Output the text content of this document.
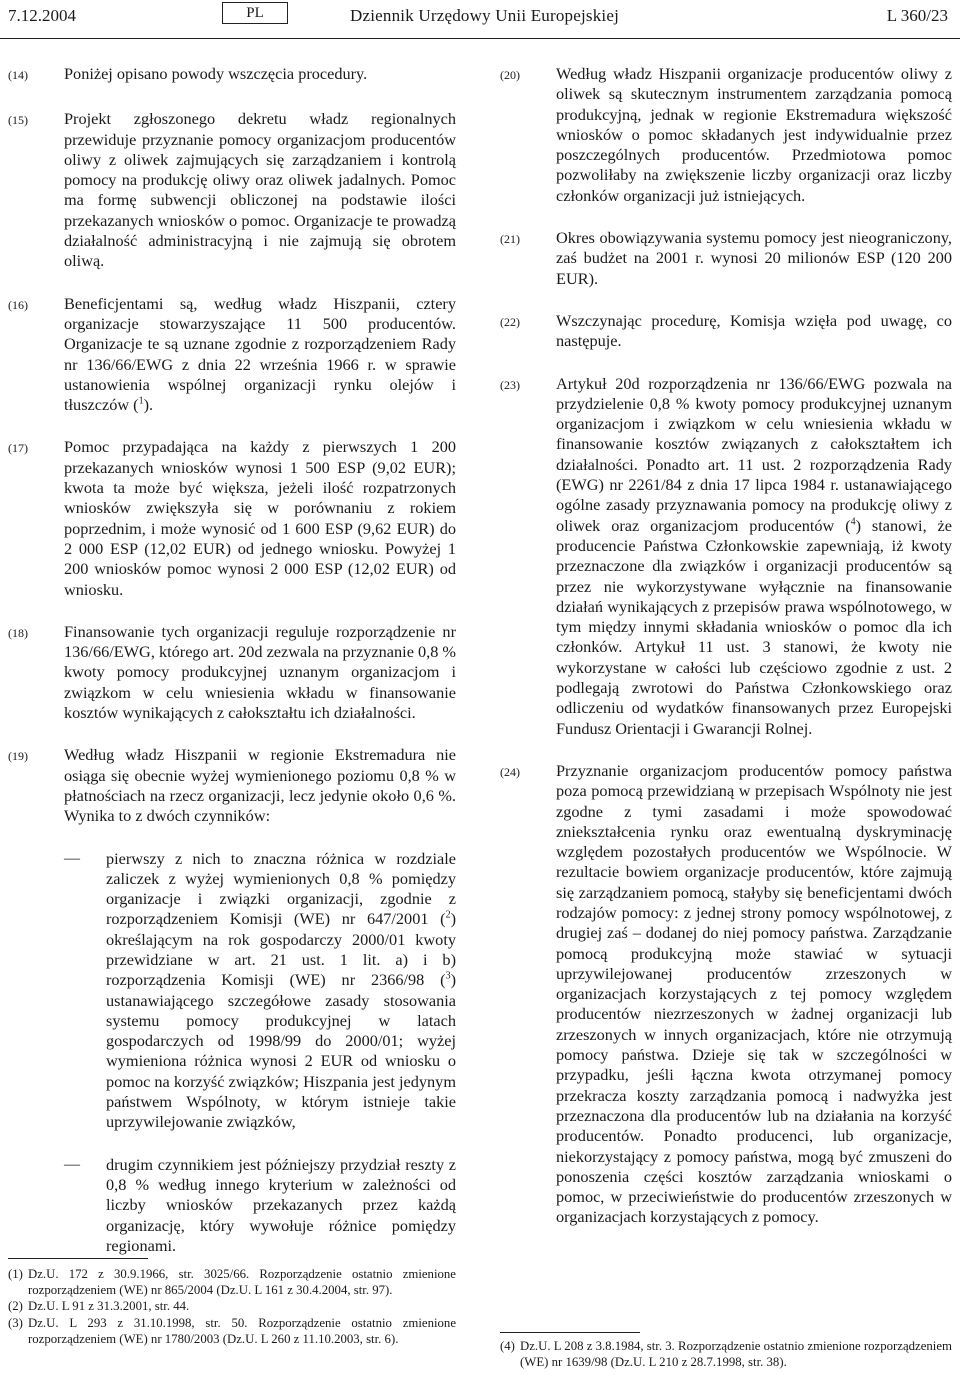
7.12.2004	PL	Dziennik Urzędowy Unii Europejskiej	L 360/23
(14)	Poniżej opisano powody wszczęcia procedury.
(15)	Projekt zgłoszonego dekretu władz regionalnych przewiduje przyznanie pomocy organizacjom producentów oliwy z oliwek zajmujących się zarządzaniem i kontrolą pomocy na produkcję oliwy oraz oliwek jadalnych. Pomoc ma formę subwencji obliczonej na podstawie ilości przekazanych wniosków o pomoc. Organizacje te prowadzą działalność administracyjną i nie zajmują się obrotem oliwą.
(16)	Beneficjentami są, według władz Hiszpanii, cztery organizacje stowarzyszające 11 500 producentów. Organizacje te są uznane zgodnie z rozporządzeniem Rady nr 136/66/EWG z dnia 22 września 1966 r. w sprawie ustanowienia wspólnej organizacji rynku olejów i tłuszczów ($^1$).
(17)	Pomoc przypadająca na każdy z pierwszych 1 200 przekazanych wniosków wynosi 1 500 ESP (9,02 EUR); kwota ta może być większa, jeżeli ilość rozpatrzonych wniosków zwiększyła się w porównaniu z rokiem poprzednim, i może wynosić od 1 600 ESP (9,62 EUR) do 2 000 ESP (12,02 EUR) od jednego wniosku. Powyżej 1 200 wniosków pomoc wynosi 2 000 ESP (12,02 EUR) od wniosku.
(18)	Finansowanie tych organizacji reguluje rozporządzenie nr 136/66/EWG, którego art. 20d zezwala na przyznanie 0,8 % kwoty pomocy produkcyjnej uznanym organizacjom i związkom w celu wniesienia wkładu w finansowanie kosztów wynikających z całokształtu ich działalności.
(19)	Według władz Hiszpanii w regionie Ekstremadura nie osiąga się obecnie wyżej wymienionego poziomu 0,8 % w płatnościach na rzecz organizacji, lecz jedynie około 0,6 %. Wynika to z dwóch czynników:
—	pierwszy z nich to znaczna różnica w rozdziale zaliczek z wyżej wymienionych 0,8 % pomiędzy organizacje i związki organizacji, zgodnie z rozporządzeniem Komisji (WE) nr 647/2001 ($^2$) określającym na rok gospodarczy 2000/01 kwoty przewidziane w art. 21 ust. 1 lit. a) i b) rozporządzenia Komisji (WE) nr 2366/98 ($^3$) ustanawiającego szczegółowe zasady stosowania systemu pomocy produkcyjnej w latach gospodarczych od 1998/99 do 2000/01; wyżej wymieniona różnica wynosi 2 EUR od wniosku o pomoc na korzyść związków; Hiszpania jest jedynym państwem Wspólnoty, w którym istnieje takie uprzywilejowanie związków,
—	drugim czynnikiem jest późniejszy przydział reszty z 0,8 % według innego kryterium w zależności od liczby wniosków przekazanych przez każdą organizację, który wywołuje różnice pomiędzy regionami.
(20)	Według władz Hiszpanii organizacje producentów oliwy z oliwek są skutecznym instrumentem zarządzania pomocą produkcyjną, jednak w regionie Ekstremadura większość wniosków o pomoc składanych jest indywidualnie przez poszczególnych producentów. Przedmiotowa pomoc pozwoliłaby na zwiększenie liczby organizacji oraz liczby członków organizacji już istniejących.
(21)	Okres obowiązywania systemu pomocy jest nieograniczony, zaś budżet na 2001 r. wynosi 20 milionów ESP (120 200 EUR).
(22)	Wszczynając procedurę, Komisja wzięła pod uwagę, co następuje.
(23)	Artykuł 20d rozporządzenia nr 136/66/EWG pozwala na przydzielenie 0,8 % kwoty pomocy produkcyjnej uznanym organizacjom i związkom w celu wniesienia wkładu w finansowanie kosztów związanych z całokształtem ich działalności. Ponadto art. 11 ust. 2 rozporządzenia Rady (EWG) nr 2261/84 z dnia 17 lipca 1984 r. ustanawiającego ogólne zasady przyznawania pomocy na produkcję oliwy z oliwek oraz organizacjom producentów ($^4$) stanowi, że producencie Państwa Członkowskie zapewniają, iż kwoty przeznaczone dla związków i organizacji producentów są przez nie wykorzystywane wyłącznie na finansowanie działań wynikających z przepisów prawa wspólnotowego, w tym między innymi składania wniosków o pomoc dla ich członków. Artykuł 11 ust. 3 stanowi, że kwoty nie wykorzystane w całości lub częściowo zgodnie z ust. 2 podlegają zwrotowi do Państwa Członkowskiego oraz odliczeniu od wydatków finansowanych przez Europejski Fundusz Orientacji i Gwarancji Rolnej.
(24)	Przyznanie organizacjom producentów pomocy państwa poza pomocą przewidzianą w przepisach Wspólnoty nie jest zgodne z tymi zasadami i może spowodować zniekształcenia rynku oraz ewentualną dyskryminację względem pozostałych producentów we Wspólnocie. W rezultacie bowiem organizacje producentów, które zajmują się zarządzaniem pomocą, stałyby się beneficjentami dwóch rodzajów pomocy: z jednej strony pomocy wspólnotowej, z drugiej zaś – dodanej do niej pomocy państwa. Zarządzanie pomocą produkcyjną może stawiać w sytuacji uprzywilejowanej producentów zrzeszonych w organizacjach korzystających z tej pomocy względem producentów niezrzeszonych w żadnej organizacji lub zrzeszonych w innych organizacjach, które nie otrzymują pomocy państwa. Dzieje się tak w szczególności w przypadku, jeśli łączna kwota otrzymanej pomocy przekracza koszty zarządzania pomocą i nadwyżka jest przeznaczona dla producentów lub na działania na korzyść producentów. Ponadto producenci, lub organizacje, niekorzystający z pomocy państwa, mogą być zmuszeni do ponoszenia części kosztów zarządzania wnioskami o pomoc, w przeciwieństwie do producentów zrzeszonych w organizacjach korzystających z pomocy.
(1) Dz.U. 172 z 30.9.1966, str. 3025/66. Rozporządzenie ostatnio zmienione rozporządzeniem (WE) nr 865/2004 (Dz.U. L 161 z 30.4.2004, str. 97).
(2) Dz.U. L 91 z 31.3.2001, str. 44.
(3) Dz.U. L 293 z 31.10.1998, str. 50. Rozporządzenie ostatnio zmienione rozporządzeniem (WE) nr 1780/2003 (Dz.U. L 260 z 11.10.2003, str. 6).
(4) Dz.U. L 208 z 3.8.1984, str. 3. Rozporządzenie ostatnio zmienione rozporządzeniem (WE) nr 1639/98 (Dz.U. L 210 z 28.7.1998, str. 38).
